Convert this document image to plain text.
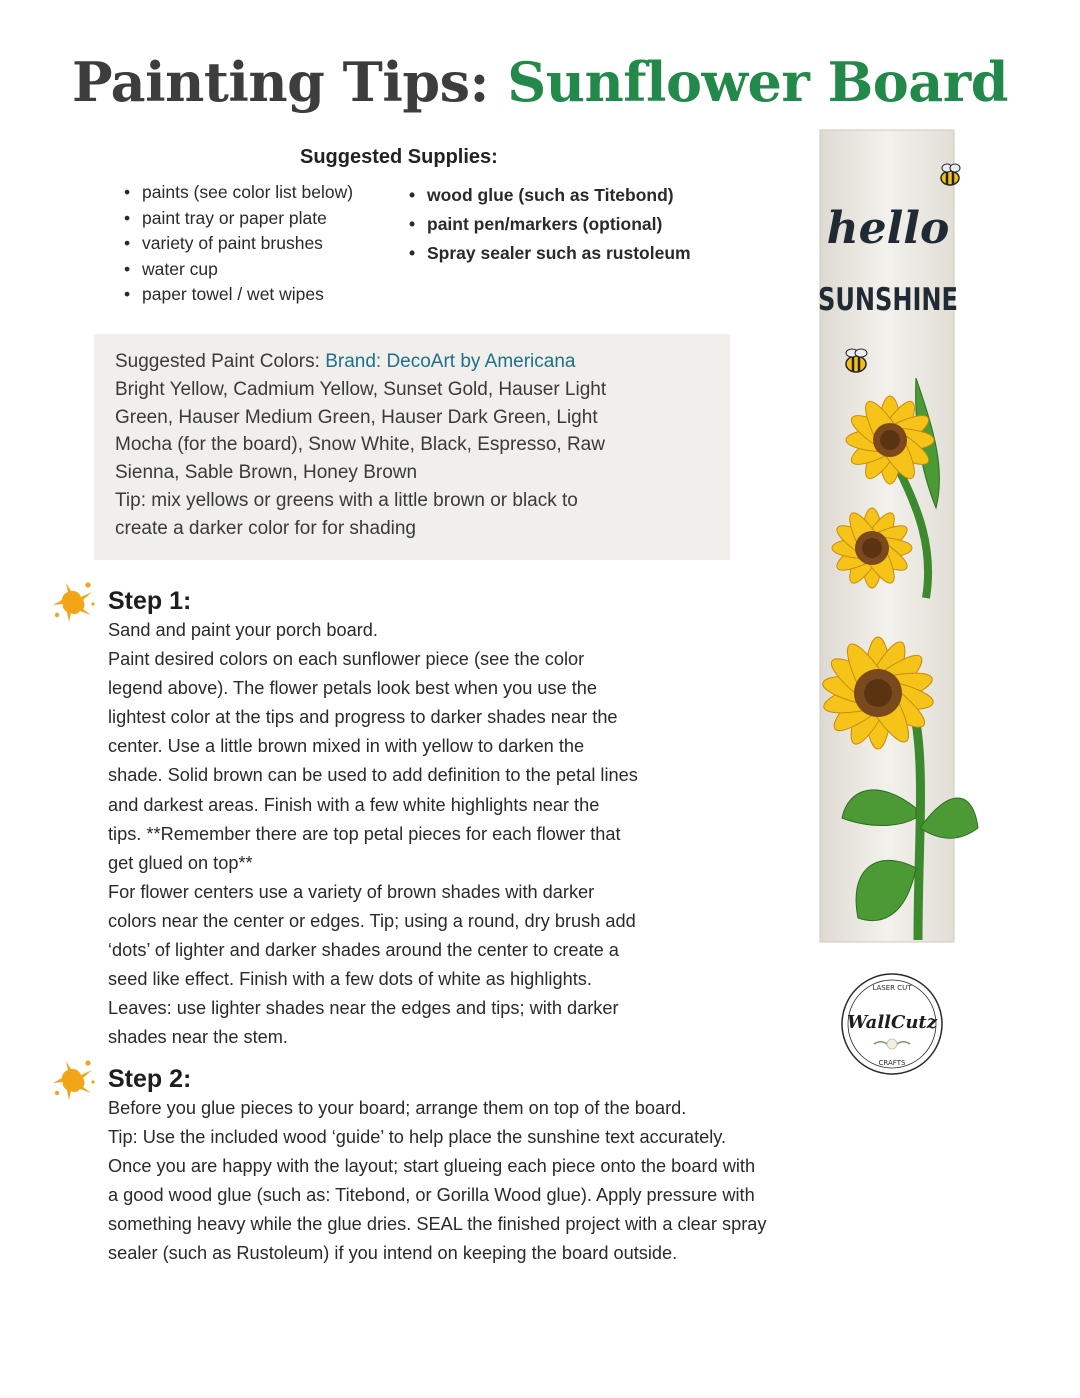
Painting Tips: Sunflower Board
Suggested Supplies:
• paints (see color list below)
• paint tray or paper plate
• variety of paint brushes
• water cup
• paper towel / wet wipes
• wood glue (such as Titebond)
• paint pen/markers (optional)
• Spray sealer such as rustoleum
Suggested Paint Colors: Brand: DecoArt by Americana
Bright Yellow, Cadmium Yellow, Sunset Gold, Hauser Light
Green, Hauser Medium Green, Hauser Dark Green, Light
Mocha (for the board), Snow White, Black, Espresso, Raw
Sienna, Sable Brown, Honey Brown
Tip: mix yellows or greens with a little brown or black to
create a darker color for for shading
Step 1:

Sand and paint your porch board.

Paint desired colors on each sunflower piece (see the color

legend above). The flower petals look best when you use the

lightest color at the tips and progress to darker shades near the

center. Use a little brown mixed in with yellow to darken the

shade. Solid brown can be used to add definition to the petal lines

and darkest areas. Finish with a few white highlights near the

tips. **Remember there are top petal pieces for each flower that

get glued on top**

For flower centers use a variety of brown shades with darker

colors near the center or edges. Tip; using a round, dry brush add

‘dots’ of lighter and darker shades around the center to create a

seed like effect. Finish with a few dots of white as highlights.

Leaves: use lighter shades near the edges and tips; with darker

shades near the stem.

Step 2:

Before you glue pieces to your board; arrange them on top of the board.

Tip: Use the included wood ‘guide’ to help place the sunshine text accurately.

Once you are happy with the layout; start glueing each piece onto the board with

a good wood glue (such as: Titebond, or Gorilla Wood glue). Apply pressure with

something heavy while the glue dries. SEAL the finished project with a clear spray

sealer (such as Rustoleum) if you intend on keeping the board outside.

hello
SUNSHINE
LASER CUT
WallCutz
CRAFTS
